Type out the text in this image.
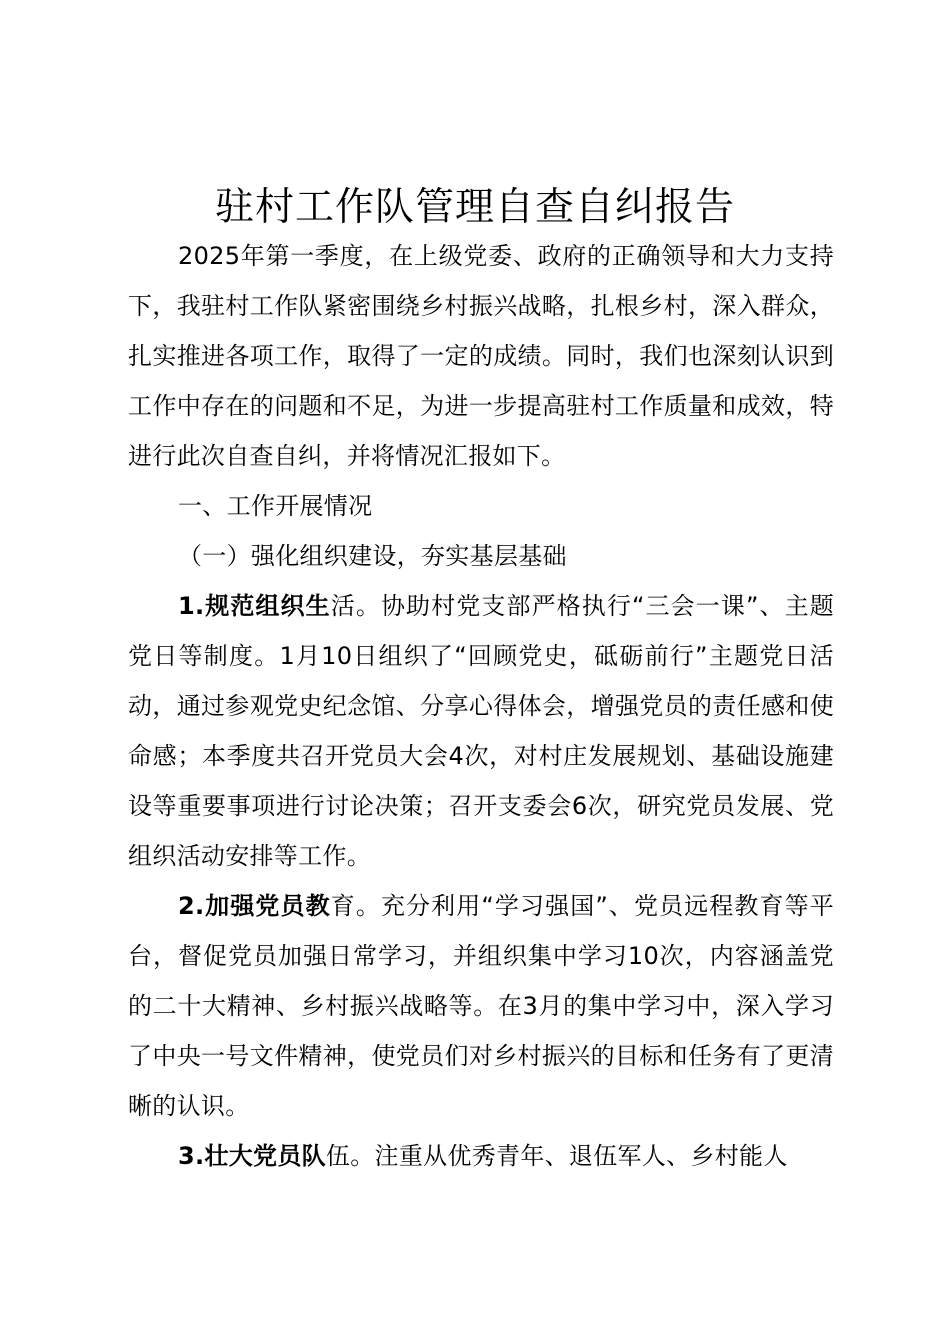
驻村工作队管理自查自纠报告

2025年第一季度，在上级党委、政府的正确领导和大力支持下，我驻村工作队紧密围绕乡村振兴战略，扎根乡村，深入群众，扎实推进各项工作，取得了一定的成绩。同时，我们也深刻认识到工作中存在的问题和不足，为进一步提高驻村工作质量和成效，特进行此次自查自纠，并将情况汇报如下。

一、工作开展情况

（一）强化组织建设，夯实基层基础

1.规范组织生活。协助村党支部严格执行“三会一课”、主题党日等制度。1月10日组织了“回顾党史，砥砺前行”主题党日活动，通过参观党史纪念馆、分享心得体会，增强党员的责任感和使命感；本季度共召开党员大会4次，对村庄发展规划、基础设施建设等重要事项进行讨论决策；召开支委会6次，研究党员发展、党组织活动安排等工作。

2.加强党员教育。充分利用“学习强国”、党员远程教育等平台，督促党员加强日常学习，并组织集中学习10次，内容涵盖党的二十大精神、乡村振兴战略等。在3月的集中学习中，深入学习了中央一号文件精神，使党员们对乡村振兴的目标和任务有了更清晰的认识。

3.壮大党员队伍。注重从优秀青年、退伍军人、乡村能人
